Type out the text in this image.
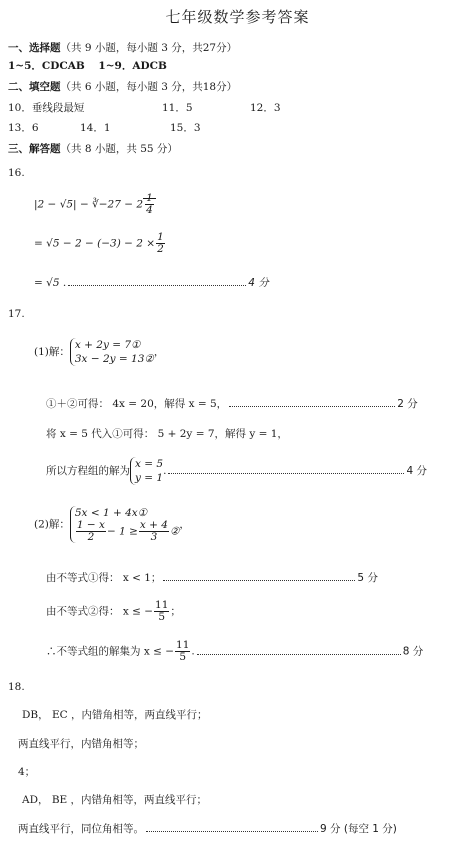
七年级数学参考答案
一、选择题（共 9 小题，每小题 3 分，共27分）
1~5．CDCAB 1~9．ADCB
二、填空题（共 6 小题，每小题 3 分，共18分）
10．垂线段最短	11．5	12．3
13．6	14．1	15．3
三、解答题（共 8 小题，共 55 分）
16.
|2 − √5| − ∛−27 − $2 \frac{1}{4}$
= $√5 - 2 - (-3) - 2 \times \frac{1}{2}$
= √5 .	4 分
17.
(1)解：
x + 2y = 7①
3x − 2y = 13②
，
①＋②可得： 4x = 20，解得 x = 5，	2 分
将 x = 5 代入①可得： 5 + 2y = 7，解得 y = 1，
所以方程组的解为
x = 5
y = 1
.	4 分
(2)解：
5x < 1 + 4x①
$\frac{1 - x}{2} - 1 \ge \frac{x + 4}{3}$ ②
，
由不等式①得： x < 1；	5 分
由不等式②得： x ≤ − $\frac{11}{5}$ ；
∴不等式组的解集为 x ≤ − $\frac{11}{5}$ .	8 分
18.
DB， EC ，内错角相等，两直线平行；
两直线平行，内错角相等；
4；
AD， BE ，内错角相等，两直线平行；
两直线平行，同位角相等。	9 分 (每空 1 分)
